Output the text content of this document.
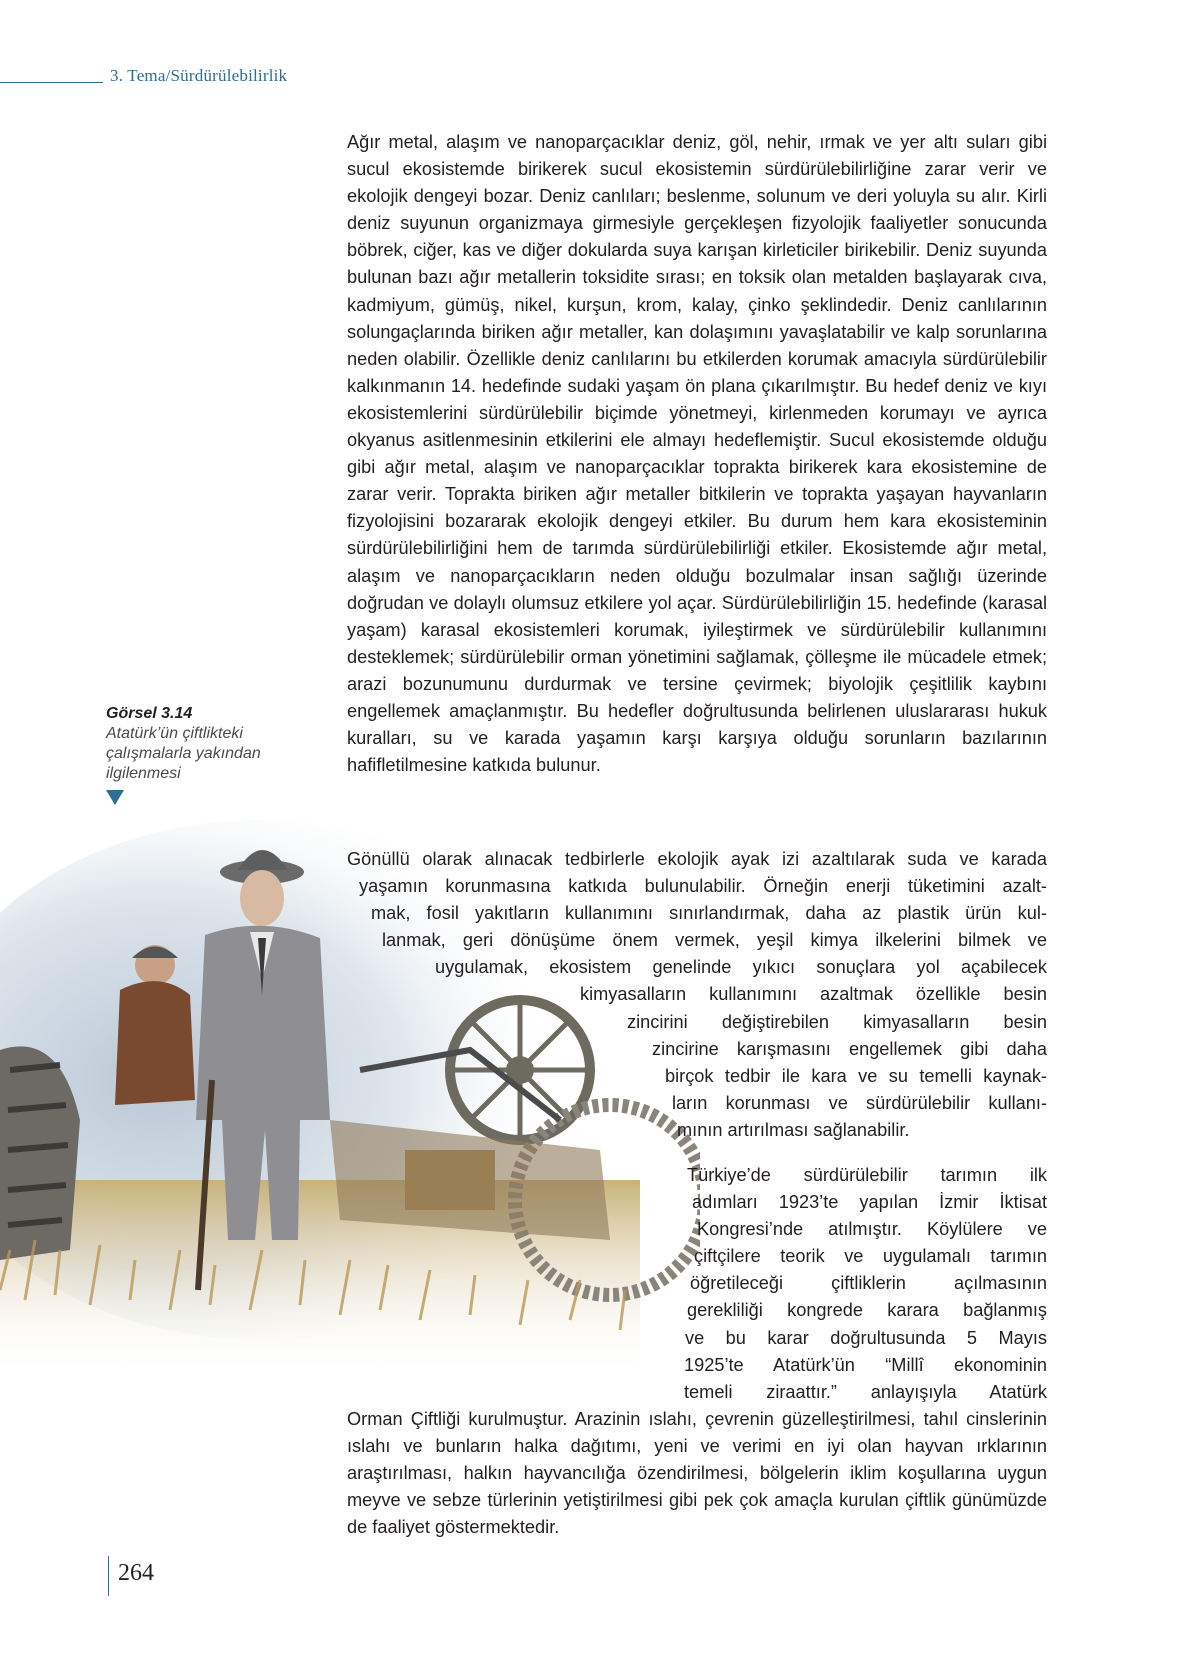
3. Tema/Sürdürülebilirlik
Görsel 3.14
Atatürk’ün çiftlikteki
çalışmalarla yakından
ilgilenmesi

Ağır metal, alaşım ve nanoparçacıklar deniz, göl, nehir, ırmak ve yer altı suları gibi sucul ekosistemde birikerek sucul ekosistemin sürdürülebilirliğine zarar verir ve ekolojik dengeyi bozar. Deniz canlıları; beslenme, solunum ve deri yoluyla su alır. Kirli deniz suyunun organizmaya girmesiyle gerçekleşen fizyolojik faaliyetler sonucunda böbrek, ciğer, kas ve diğer dokularda suya karışan kirleticiler birikebilir. Deniz suyunda bulunan bazı ağır metallerin toksidite sırası; en toksik olan metalden başlayarak cıva, kadmiyum, gümüş, nikel, kurşun, krom, kalay, çinko şeklindedir. Deniz canlılarının solungaçlarında biriken ağır metaller, kan dolaşımını yavaşlatabilir ve kalp sorunlarına neden olabilir. Özellikle deniz canlılarını bu etkilerden korumak amacıyla sürdürülebilir kalkınmanın 14. hedefinde sudaki yaşam ön plana çıkarılmıştır. Bu hedef deniz ve kıyı ekosistemlerini sürdürülebilir biçimde yönetmeyi, kirlenmeden korumayı ve ayrıca okyanus asitlenmesinin etkilerini ele almayı hedeflemiştir. Sucul ekosistemde olduğu gibi ağır metal, alaşım ve nanoparçacıklar toprakta birikerek kara ekosistemine de zarar verir. Toprakta biriken ağır metaller bitkilerin ve toprakta yaşayan hayvanların fizyolojisini bozararak ekolojik dengeyi etkiler. Bu durum hem kara ekosisteminin sürdürülebilirliğini hem de tarımda sürdürülebilirliği etkiler. Ekosistemde ağır metal, alaşım ve nanoparçacıkların neden olduğu bozulmalar insan sağlığı üzerinde doğrudan ve dolaylı olumsuz etkilere yol açar. Sürdürülebilirliğin 15. hedefinde (karasal yaşam) karasal ekosistemleri korumak, iyileştirmek ve sürdürülebilir kullanımını desteklemek; sürdürülebilir orman yönetimini sağlamak, çölleşme ile mücadele etmek; arazi bozunumunu durdurmak ve tersine çevirmek; biyolojik çeşitlilik kaybını engellemek amaçlanmıştır. Bu hedefler doğrultusunda belirlenen uluslararası hukuk kuralları, su ve karada yaşamın karşı karşıya olduğu sorunların bazılarının hafifletilmesine katkıda bulunur.

Gönüllü olarak alınacak tedbirlerle ekolojik ayak izi azaltılarak suda ve karada
yaşamın korunmasına katkıda bulunulabilir. Örneğin enerji tüketimini azalt-
mak, fosil yakıtların kullanımını sınırlandırmak, daha az plastik ürün kul-
lanmak, geri dönüşüme önem vermek, yeşil kimya ilkelerini bilmek ve
uygulamak, ekosistem genelinde yıkıcı sonuçlara yol açabilecek
kimyasalların kullanımını azaltmak özellikle besin
zincirini değiştirebilen kimyasalların besin
zincirine karışmasını engellemek gibi daha
birçok tedbir ile kara ve su temelli kaynak-
ların korunması ve sürdürülebilir kullanı-
mının artırılması sağlanabilir.
Türkiye’de sürdürülebilir tarımın ilk
adımları 1923’te yapılan İzmir İktisat
Kongresi’nde atılmıştır. Köylülere ve
çiftçilere teorik ve uygulamalı tarımın
öğretileceği çiftliklerin açılmasının
gerekliliği kongrede karara bağlanmış
ve bu karar doğrultusunda 5 Mayıs
1925’te Atatürk’ün “Millî ekonominin
temeli ziraattır.” anlayışıyla Atatürk

Orman Çiftliği kurulmuştur. Arazinin ıslahı, çevrenin güzelleştirilmesi, tahıl cinslerinin ıslahı ve bunların halka dağıtımı, yeni ve verimi en iyi olan hayvan ırklarının araştırılması, halkın hayvancılığa özendirilmesi, bölgelerin iklim koşullarına uygun meyve ve sebze türlerinin yetiştirilmesi gibi pek çok amaçla kurulan çiftlik günümüzde de faaliyet göstermektedir.

264
